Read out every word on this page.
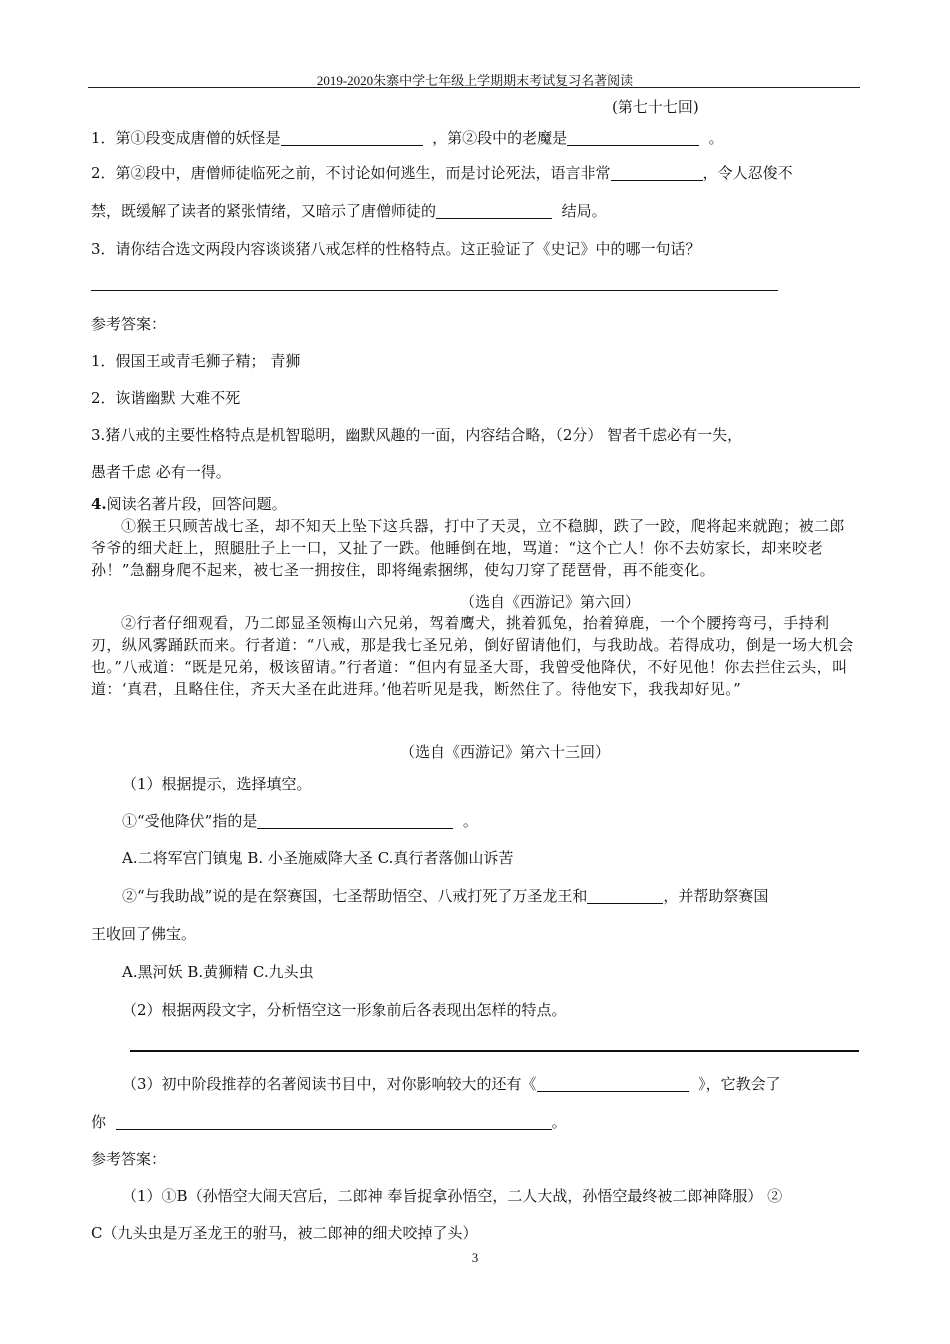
2019-2020朱寨中学七年级上学期期末考试复习名著阅读
(第七十七回)
1．第①段变成唐僧的妖怪是	，第②段中的老魔是	。
2．第②段中，唐僧师徒临死之前，不讨论如何逃生，而是讨论死法，语言非常	，令人忍俊不
禁，既缓解了读者的紧张情绪，又暗示了唐僧师徒的	结局。
3．请你结合选文两段内容谈谈猪八戒怎样的性格特点。这正验证了《史记》中的哪一句话？
参考答案：
1．假国王或青毛狮子精； 青狮
2．诙谐幽默 大难不死
3.猪八戒的主要性格特点是机智聪明，幽默风趣的一面，内容结合略，（2分） 智者千虑必有一失，
愚者千虑 必有一得。
4.阅读名著片段，回答问题。
①猴王只顾苦战七圣，却不知天上坠下这兵器，打中了天灵，立不稳脚，跌了一跤，爬将起来就跑；被二郎爷爷的细犬赶上，照腿肚子上一口，又扯了一跌。他睡倒在地，骂道：“这个亡人！你不去妨家长，却来咬老孙！”急翻身爬不起来，被七圣一拥按住，即将绳索捆绑，使勾刀穿了琵琶骨，再不能变化。
（选自《西游记》第六回）
②行者仔细观看，乃二郎显圣领梅山六兄弟，驾着鹰犬，挑着狐兔，抬着獐鹿，一个个腰挎弯弓，手持利刃，纵风雾踊跃而来。行者道：“八戒，那是我七圣兄弟，倒好留请他们，与我助战。若得成功，倒是一场大机会也。”八戒道：“既是兄弟，极该留请。”行者道：“但内有显圣大哥，我曾受他降伏，不好见他！你去拦住云头，叫道：‘真君，且略住住，齐天大圣在此进拜。’他若听见是我，断然住了。待他安下，我我却好见。”
（选自《西游记》第六十三回）
（1）根据提示，选择填空。
①“受他降伏”指的是	。
A.二将军宫门镇鬼 B. 小圣施威降大圣 C.真行者落伽山诉苦
②“与我助战”说的是在祭赛国，七圣帮助悟空、八戒打死了万圣龙王和	，并帮助祭赛国
王收回了佛宝。
A.黑河妖 B.黄狮精 C.九头虫
（2）根据两段文字，分析悟空这一形象前后各表现出怎样的特点。
（3）初中阶段推荐的名著阅读书目中，对你影响较大的还有《	》，它教会了
你	。
参考答案：
（1）①B（孙悟空大闹天宫后，二郎神 奉旨捉拿孙悟空，二人大战，孙悟空最终被二郎神降服） ②
C（九头虫是万圣龙王的驸马，被二郎神的细犬咬掉了头）
3
